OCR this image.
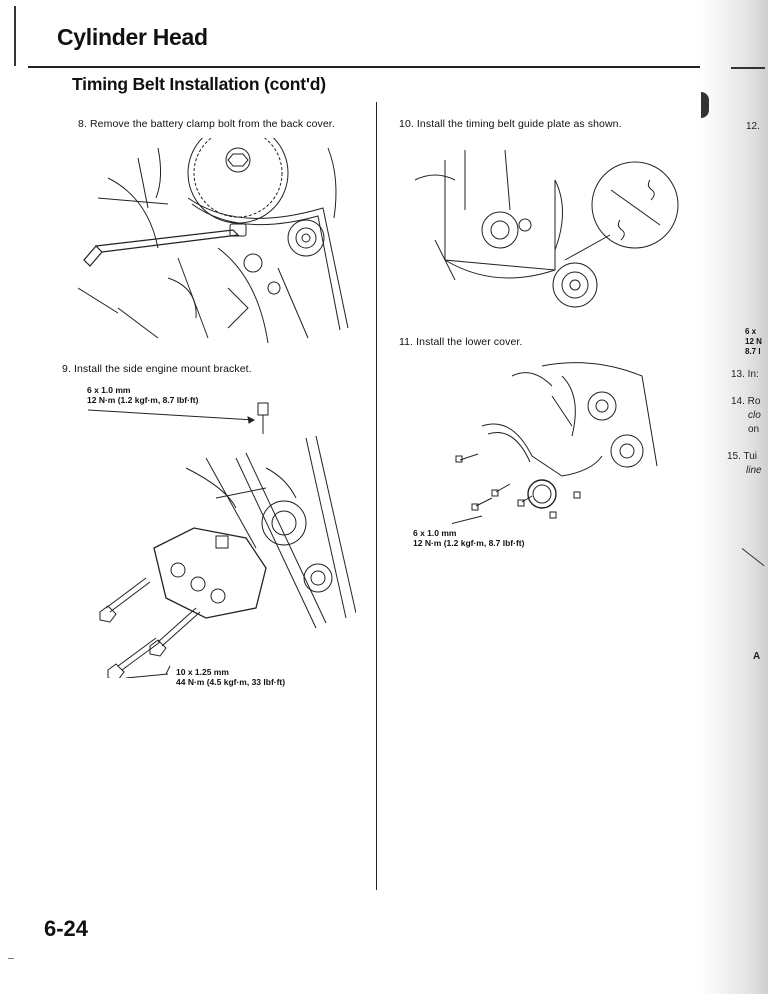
Cylinder Head
Timing Belt Installation (cont'd)
8. Remove the battery clamp bolt from the back cover.
9. Install the side engine mount bracket.
6 x 1.0 mm
12 N·m (1.2 kgf·m, 8.7 lbf·ft)
10 x 1.25 mm
44 N·m (4.5 kgf·m, 33 lbf·ft)
10. Install the timing belt guide plate as shown.
11. Install the lower cover.
6 x 1.0 mm
12 N·m (1.2 kgf·m, 8.7 lbf·ft)
6-24
12.
6 x
12 N
8.7 l
13. In:
14. Ro
clo
on
15. Tui
line
A
